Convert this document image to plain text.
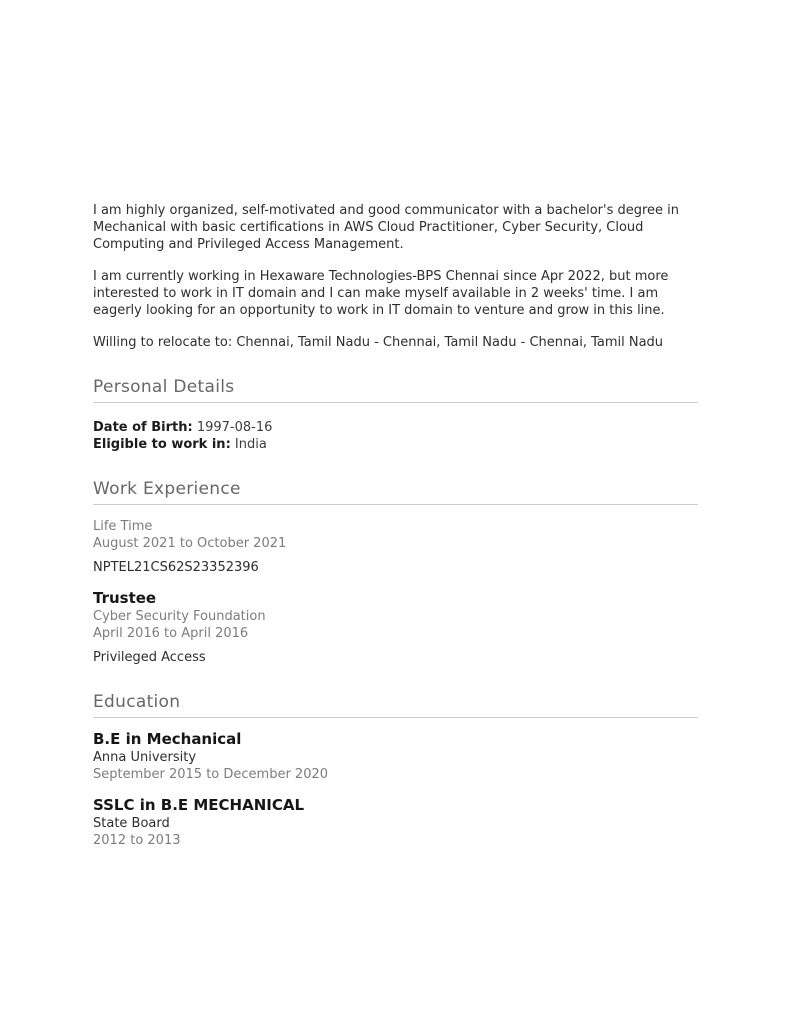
I am highly organized, self-motivated and good communicator with a bachelor's degree in Mechanical with basic certifications in AWS Cloud Practitioner, Cyber Security, Cloud Computing and Privileged Access Management.

I am currently working in Hexaware Technologies-BPS Chennai since Apr 2022, but more interested to work in IT domain and I can make myself available in 2 weeks' time. I am eagerly looking for an opportunity to work in IT domain to venture and grow in this line.

Willing to relocate to: Chennai, Tamil Nadu - Chennai, Tamil Nadu - Chennai, Tamil Nadu

Personal Details
Date of Birth: 1997-08-16
Eligible to work in: India
Work Experience
Life Time
August 2021 to October 2021
NPTEL21CS62S23352396
Trustee
Cyber Security Foundation
April 2016 to April 2016
Privileged Access
Education
B.E in Mechanical
Anna University
September 2015 to December 2020
SSLC in B.E MECHANICAL
State Board
2012 to 2013
